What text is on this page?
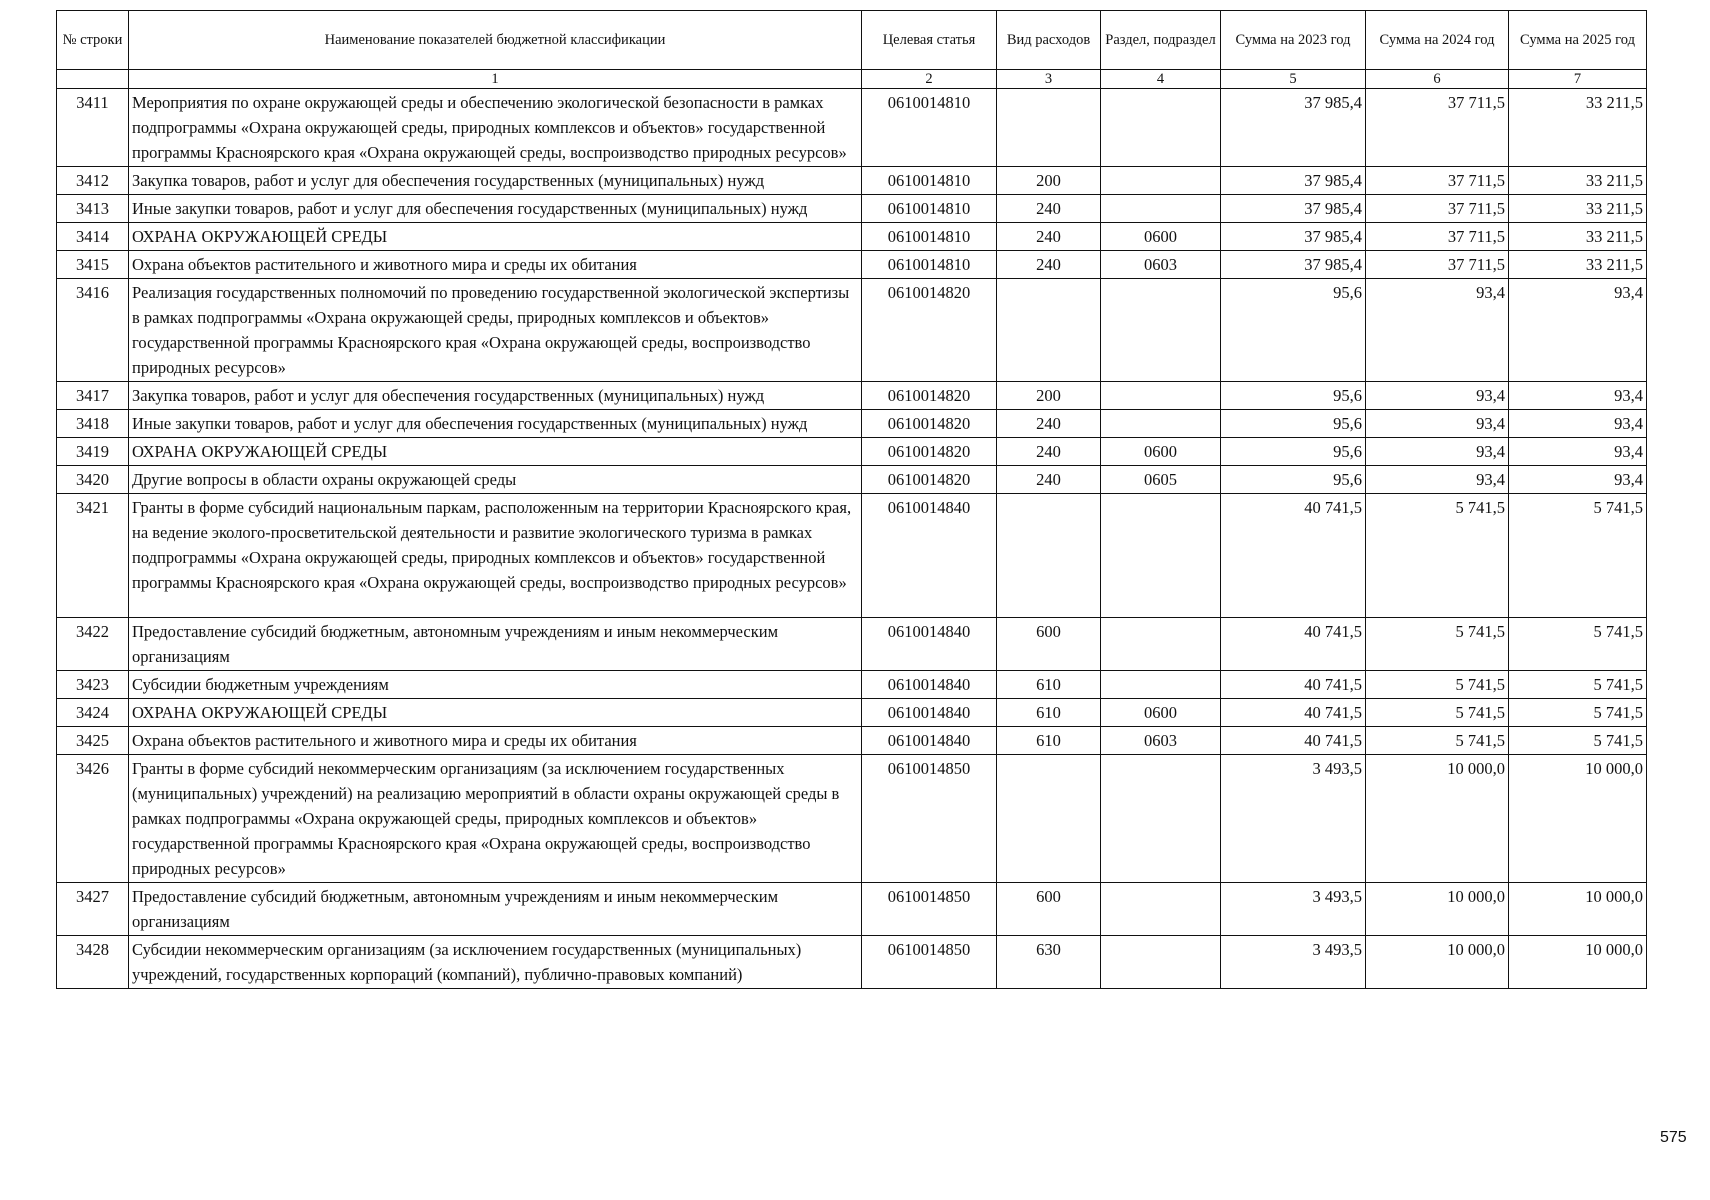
№ строки	Наименование показателей бюджетной классификации	Целевая статья	Вид расходов	Раздел, подраздел	Сумма на 2023 год	Сумма на 2024 год	Сумма на 2025 год
	1	2	3	4	5	6	7
3411	Мероприятия по охране окружающей среды и обеспечению экологической безопасности в рамках подпрограммы «Охрана окружающей среды, природных комплексов и объектов» государственной программы Красноярского края «Охрана окружающей среды, воспроизводство природных ресурсов»	0610014810			37 985,4	37 711,5	33 211,5
3412	Закупка товаров, работ и услуг для обеспечения государственных (муниципальных) нужд	0610014810	200		37 985,4	37 711,5	33 211,5
3413	Иные закупки товаров, работ и услуг для обеспечения государственных (муниципальных) нужд	0610014810	240		37 985,4	37 711,5	33 211,5
3414	ОХРАНА ОКРУЖАЮЩЕЙ СРЕДЫ	0610014810	240	0600	37 985,4	37 711,5	33 211,5
3415	Охрана объектов растительного и животного мира и среды их обитания	0610014810	240	0603	37 985,4	37 711,5	33 211,5
3416	Реализация государственных полномочий по проведению государственной экологической экспертизы в рамках подпрограммы «Охрана окружающей среды, природных комплексов и объектов» государственной программы Красноярского края «Охрана окружающей среды, воспроизводство природных ресурсов»	0610014820			95,6	93,4	93,4
3417	Закупка товаров, работ и услуг для обеспечения государственных (муниципальных) нужд	0610014820	200		95,6	93,4	93,4
3418	Иные закупки товаров, работ и услуг для обеспечения государственных (муниципальных) нужд	0610014820	240		95,6	93,4	93,4
3419	ОХРАНА ОКРУЖАЮЩЕЙ СРЕДЫ	0610014820	240	0600	95,6	93,4	93,4
3420	Другие вопросы в области охраны окружающей среды	0610014820	240	0605	95,6	93,4	93,4
3421	Гранты в форме субсидий национальным паркам, расположенным на территории Красноярского края, на ведение эколого-просветительской деятельности и развитие экологического туризма в рамках подпрограммы «Охрана окружающей среды, природных комплексов и объектов» государственной программы Красноярского края «Охрана окружающей среды, воспроизводство природных ресурсов»	0610014840			40 741,5	5 741,5	5 741,5
3422	Предоставление субсидий бюджетным, автономным учреждениям и иным некоммерческим организациям	0610014840	600		40 741,5	5 741,5	5 741,5
3423	Субсидии бюджетным учреждениям	0610014840	610		40 741,5	5 741,5	5 741,5
3424	ОХРАНА ОКРУЖАЮЩЕЙ СРЕДЫ	0610014840	610	0600	40 741,5	5 741,5	5 741,5
3425	Охрана объектов растительного и животного мира и среды их обитания	0610014840	610	0603	40 741,5	5 741,5	5 741,5
3426	Гранты в форме субсидий некоммерческим организациям (за исключением государственных (муниципальных) учреждений) на реализацию мероприятий в области охраны окружающей среды в рамках подпрограммы «Охрана окружающей среды, природных комплексов и объектов» государственной программы Красноярского края «Охрана окружающей среды, воспроизводство природных ресурсов»	0610014850			3 493,5	10 000,0	10 000,0
3427	Предоставление субсидий бюджетным, автономным учреждениям и иным некоммерческим организациям	0610014850	600		3 493,5	10 000,0	10 000,0
3428	Субсидии некоммерческим организациям (за исключением государственных (муниципальных) учреждений, государственных корпораций (компаний), публично-правовых компаний)	0610014850	630		3 493,5	10 000,0	10 000,0
575
